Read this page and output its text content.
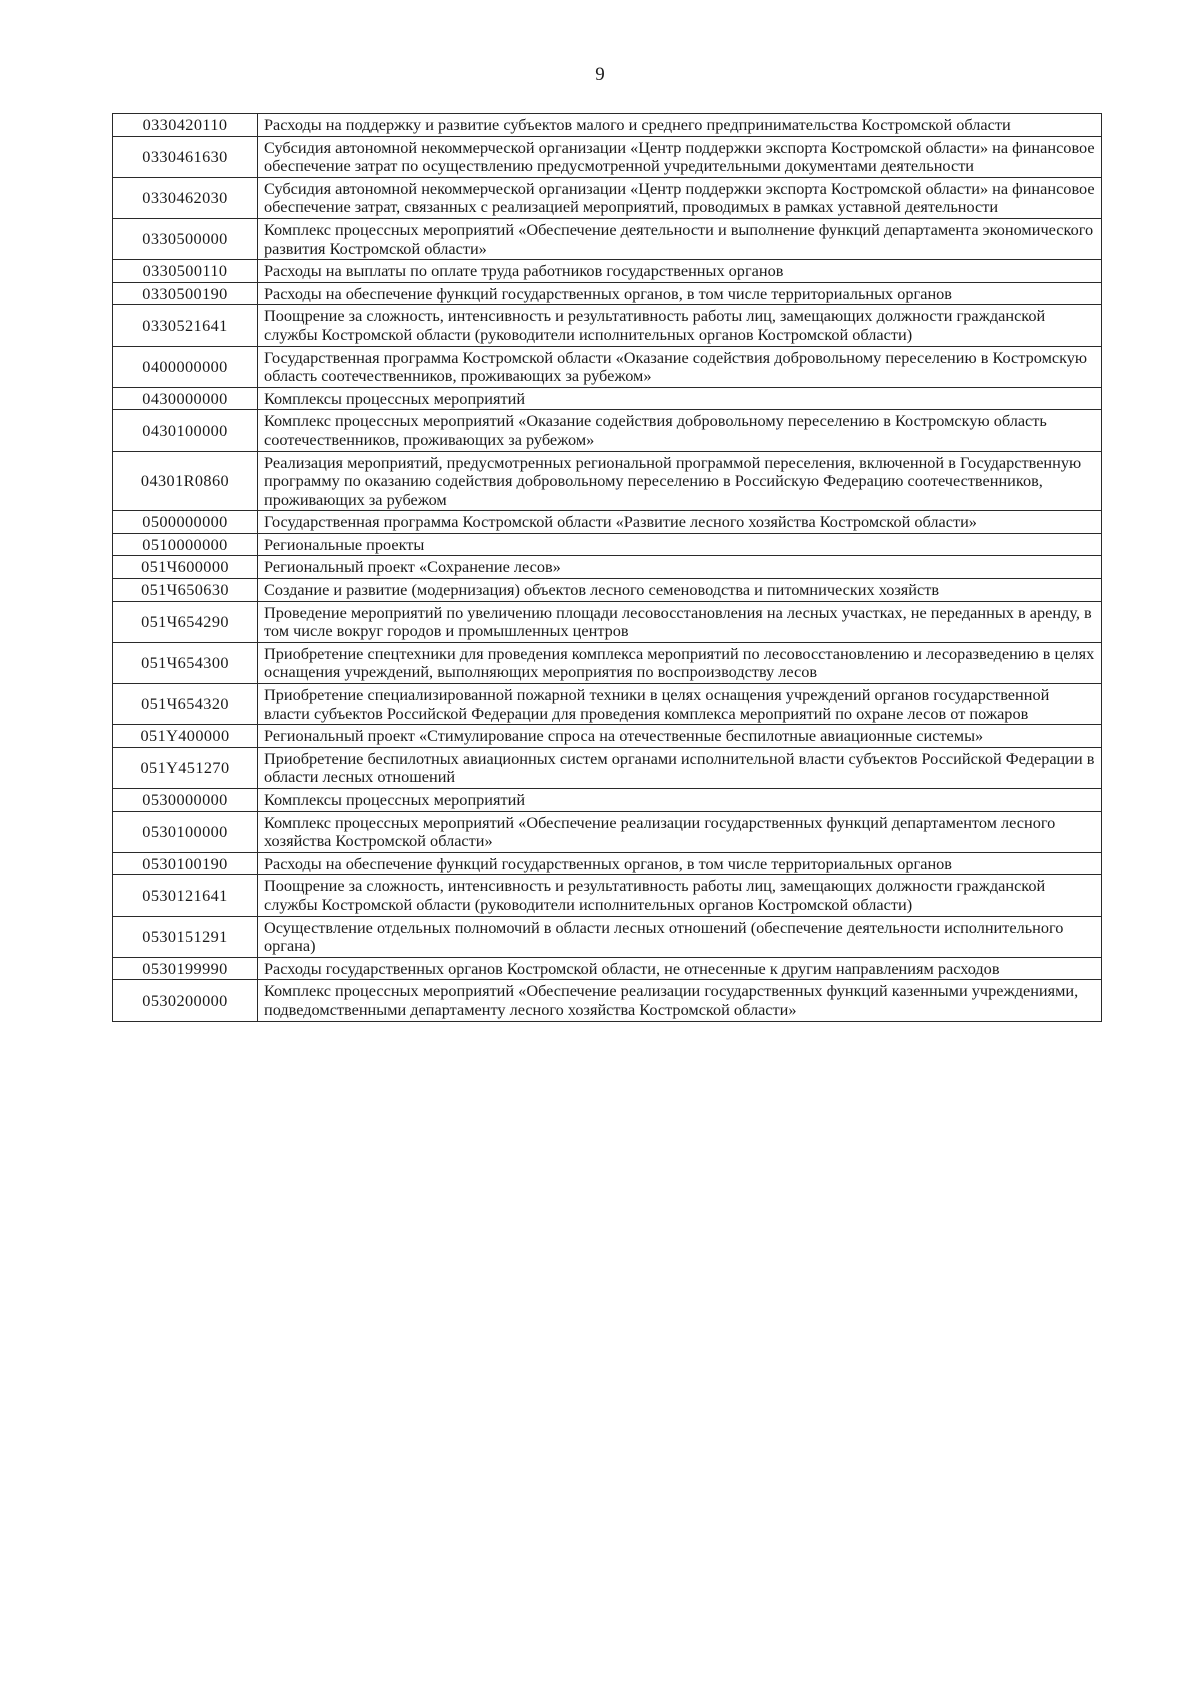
9
0330420110	Расходы на поддержку и развитие субъектов малого и среднего предпринимательства Костромской области
0330461630	Субсидия автономной некоммерческой организации «Центр поддержки экспорта Костромской области» на финансовое обеспечение затрат по осуществлению предусмотренной учредительными документами деятельности
0330462030	Субсидия автономной некоммерческой организации «Центр поддержки экспорта Костромской области» на финансовое обеспечение затрат, связанных с реализацией мероприятий, проводимых в рамках уставной деятельности
0330500000	Комплекс процессных мероприятий «Обеспечение деятельности и выполнение функций департамента экономического развития Костромской области»
0330500110	Расходы на выплаты по оплате труда работников государственных органов
0330500190	Расходы на обеспечение функций государственных органов, в том числе территориальных органов
0330521641	Поощрение за сложность, интенсивность и результативность работы лиц, замещающих должности гражданской службы Костромской области (руководители исполнительных органов Костромской области)
0400000000	Государственная программа Костромской области «Оказание содействия добровольному переселению в Костромскую область соотечественников, проживающих за рубежом»
0430000000	Комплексы процессных мероприятий
0430100000	Комплекс процессных мероприятий «Оказание содействия добровольному переселению в Костромскую область соотечественников, проживающих за рубежом»
04301R0860	Реализация мероприятий, предусмотренных региональной программой переселения, включенной в Государственную программу по оказанию содействия добровольному переселению в Российскую Федерацию соотечественников, проживающих за рубежом
0500000000	Государственная программа Костромской области «Развитие лесного хозяйства Костромской области»
0510000000	Региональные проекты
051Ч600000	Региональный проект «Сохранение лесов»
051Ч650630	Создание и развитие (модернизация) объектов лесного семеноводства и питомнических хозяйств
051Ч654290	Проведение мероприятий по увеличению площади лесовосстановления на лесных участках, не переданных в аренду, в том числе вокруг городов и промышленных центров
051Ч654300	Приобретение спецтехники для проведения комплекса мероприятий по лесовосстановлению и лесоразведению в целях оснащения учреждений, выполняющих мероприятия по воспроизводству лесов
051Ч654320	Приобретение специализированной пожарной техники в целях оснащения учреждений органов государственной власти субъектов Российской Федерации для проведения комплекса мероприятий по охране лесов от пожаров
051Y400000	Региональный проект «Стимулирование спроса на отечественные беспилотные авиационные системы»
051Y451270	Приобретение беспилотных авиационных систем органами исполнительной власти субъектов Российской Федерации в области лесных отношений
0530000000	Комплексы процессных мероприятий
0530100000	Комплекс процессных мероприятий «Обеспечение реализации государственных функций департаментом лесного хозяйства Костромской области»
0530100190	Расходы на обеспечение функций государственных органов, в том числе территориальных органов
0530121641	Поощрение за сложность, интенсивность и результативность работы лиц, замещающих должности гражданской службы Костромской области (руководители исполнительных органов Костромской области)
0530151291	Осуществление отдельных полномочий в области лесных отношений (обеспечение деятельности исполнительного органа)
0530199990	Расходы государственных органов Костромской области, не отнесенные к другим направлениям расходов
0530200000	Комплекс процессных мероприятий «Обеспечение реализации государственных функций казенными учреждениями, подведомственными департаменту лесного хозяйства Костромской области»
